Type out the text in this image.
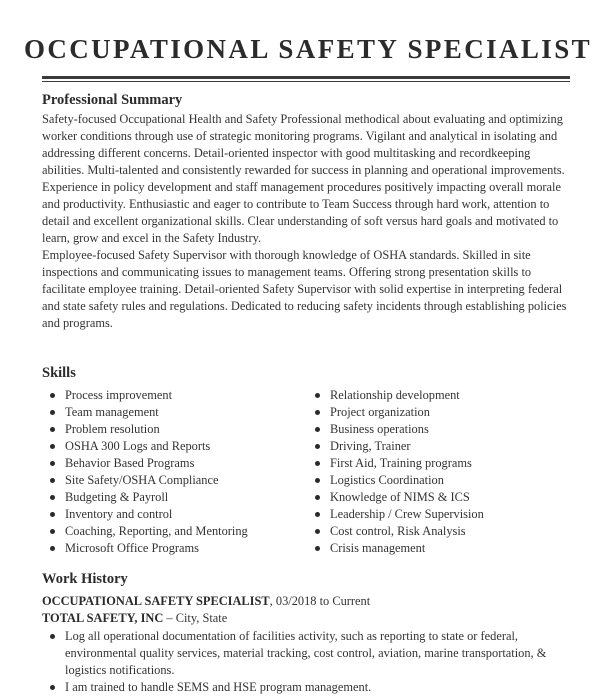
OCCUPATIONAL SAFETY SPECIALIST
Professional Summary

Safety-focused Occupational Health and Safety Professional methodical about evaluating and optimizing worker conditions through use of strategic monitoring programs. Vigilant and analytical in isolating and addressing different concerns. Detail-oriented inspector with good multitasking and recordkeeping abilities. Multi-talented and consistently rewarded for success in planning and operational improvements. Experience in policy development and staff management procedures positively impacting overall morale and productivity. Enthusiastic and eager to contribute to Team Success through hard work, attention to detail and excellent organizational skills. Clear understanding of soft versus hard goals and motivated to learn, grow and excel in the Safety Industry.

Employee-focused Safety Supervisor with thorough knowledge of OSHA standards. Skilled in site inspections and communicating issues to management teams. Offering strong presentation skills to facilitate employee training. Detail-oriented Safety Supervisor with solid expertise in interpreting federal and state safety rules and regulations. Dedicated to reducing safety incidents through establishing policies and programs.

Skills
Process improvement
Team management
Problem resolution
OSHA 300 Logs and Reports
Behavior Based Programs
Site Safety/OSHA Compliance
Budgeting & Payroll
Inventory and control
Coaching, Reporting, and Mentoring
Microsoft Office Programs
Relationship development
Project organization
Business operations
Driving, Trainer
First Aid, Training programs
Logistics Coordination
Knowledge of NIMS & ICS
Leadership / Crew Supervision
Cost control, Risk Analysis
Crisis management
Work History

OCCUPATIONAL SAFETY SPECIALIST, 03/2018 to Current

TOTAL SAFETY, INC – City, State

Log all operational documentation of facilities activity, such as reporting to state or federal, environmental quality services, material tracking, cost control, aviation, marine transportation, & logistics notifications.
I am trained to handle SEMS and HSE program management.
